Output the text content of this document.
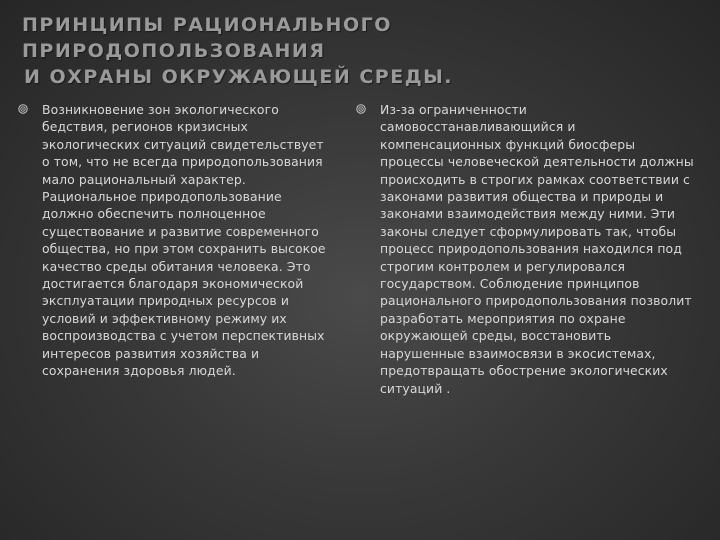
ПРИНЦИПЫ РАЦИОНАЛЬНОГО ПРИРОДОПОЛЬЗОВАНИЯ
И ОХРАНЫ ОКРУЖАЮЩЕЙ СРЕДЫ.

Возникновение зон экологического бедствия, регионов кризисных экологических ситуаций свидетельствует о том, что не всегда природопользования мало рациональный характер. Рациональное природопользование должно обеспечить полноценное существование и развитие современного общества, но при этом сохранить высокое качество среды обитания человека. Это достигается благодаря экономической эксплуатации природных ресурсов и условий и эффективному режиму их воспроизводства с учетом перспективных интересов развития хозяйства и сохранения здоровья людей.

Из-за ограниченности самовосстанавливающийся и компенсационных функций биосферы процессы человеческой деятельности должны происходить в строгих рамках соответствии с законами развития общества и природы и законами взаимодействия между ними. Эти законы следует сформулировать так, чтобы процесс природопользования находился под строгим контролем и регулировался государством. Соблюдение принципов рационального природопользования позволит разработать мероприятия по охране окружающей среды, восстановить нарушенные взаимосвязи в экосистемах, предотвращать обострение экологических ситуаций .
